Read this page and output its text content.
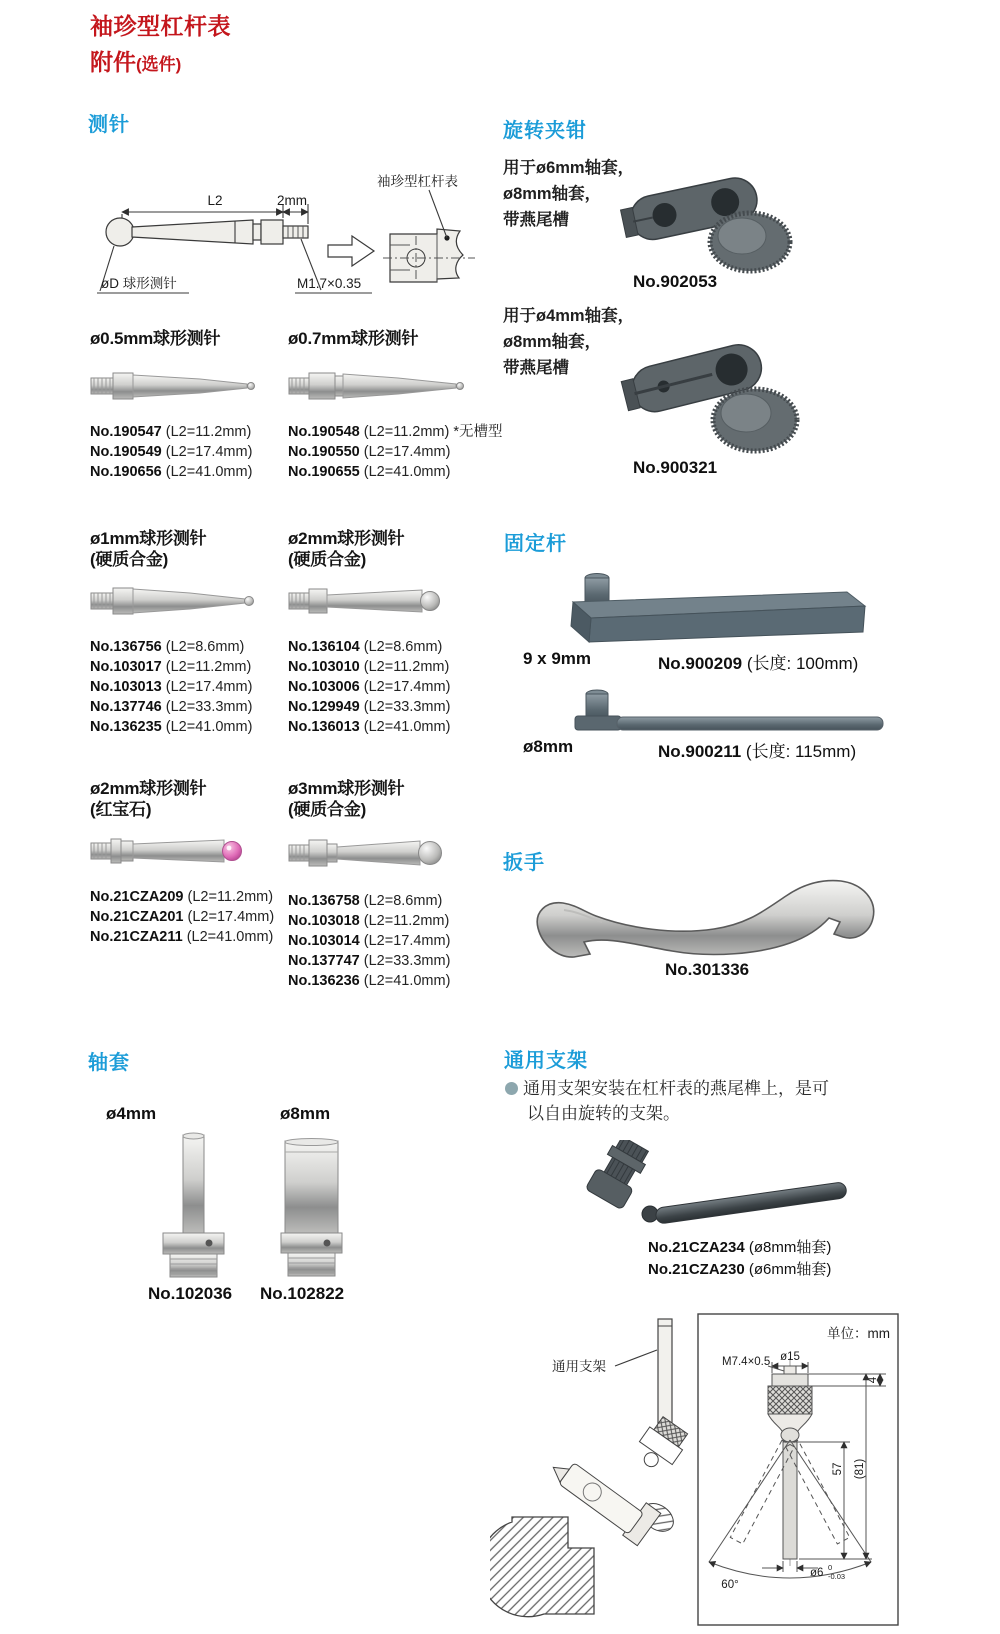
袖珍型杠杆表
附件(选件)
测针
L2	2mm
øD 球形测针	M1.7×0.35
袖珍型杠杆表
ø0.5mm球形测针
No.190547 (L2=11.2mm)
No.190549 (L2=17.4mm)
No.190656 (L2=41.0mm)
ø0.7mm球形测针
No.190548 (L2=11.2mm) *无槽型
No.190550 (L2=17.4mm)
No.190655 (L2=41.0mm)
ø1mm球形测针
(硬质合金)
No.136756 (L2=8.6mm)
No.103017 (L2=11.2mm)
No.103013 (L2=17.4mm)
No.137746 (L2=33.3mm)
No.136235 (L2=41.0mm)
ø2mm球形测针
(硬质合金)
No.136104 (L2=8.6mm)
No.103010 (L2=11.2mm)
No.103006 (L2=17.4mm)
No.129949 (L2=33.3mm)
No.136013 (L2=41.0mm)
ø2mm球形测针
(红宝石)
No.21CZA209 (L2=11.2mm)
No.21CZA201 (L2=17.4mm)
No.21CZA211 (L2=41.0mm)
ø3mm球形测针
(硬质合金)
No.136758 (L2=8.6mm)
No.103018 (L2=11.2mm)
No.103014 (L2=17.4mm)
No.137747 (L2=33.3mm)
No.136236 (L2=41.0mm)
旋转夹钳
用于ø6mm轴套，
ø8mm轴套，
带燕尾槽
No.902053
用于ø4mm轴套，
ø8mm轴套，
带燕尾槽
No.900321
固定杆
9 x 9mm	No.900209 (长度: 100mm)
ø8mm	No.900211 (长度: 115mm)
扳手
No.301336
轴套
ø4mm	ø8mm
No.102036 No.102822
通用支架
通用支架安装在杠杆表的燕尾榫上，是可
以自由旋转的支架。
No.21CZA234 (ø8mm轴套)
No.21CZA230 (ø6mm轴套)
通用支架
单位：mm
60°
M7.4×0.5 ø15
4
57 (81)
ø6 0
-0.03
